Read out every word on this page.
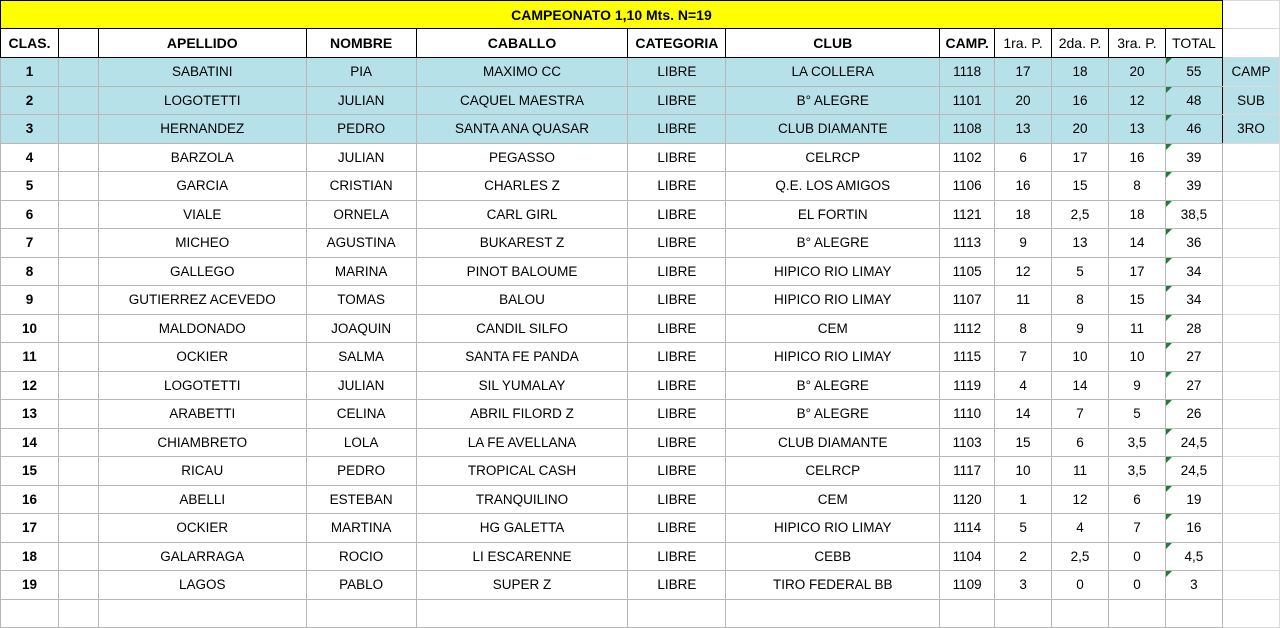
CAMPEONATO 1,10 Mts. N=19												
CLAS.		APELLIDO	NOMBRE	CABALLO	CATEGORIA	CLUB	CAMP.	1ra. P.	2da. P.	3ra. P.	TOTAL	
1		SABATINI	PIA	MAXIMO CC	LIBRE	LA COLLERA	1118	17	18	20	55	CAMP
2		LOGOTETTI	JULIAN	CAQUEL MAESTRA	LIBRE	B° ALEGRE	1101	20	16	12	48	SUB
3		HERNANDEZ	PEDRO	SANTA ANA QUASAR	LIBRE	CLUB DIAMANTE	1108	13	20	13	46	3RO
4		BARZOLA	JULIAN	PEGASSO	LIBRE	CELRCP	1102	6	17	16	39	
5		GARCIA	CRISTIAN	CHARLES Z	LIBRE	Q.E. LOS AMIGOS	1106	16	15	8	39	
6		VIALE	ORNELA	CARL GIRL	LIBRE	EL FORTIN	1121	18	2,5	18	38,5	
7		MICHEO	AGUSTINA	BUKAREST Z	LIBRE	B° ALEGRE	1113	9	13	14	36	
8		GALLEGO	MARINA	PINOT BALOUME	LIBRE	HIPICO RIO LIMAY	1105	12	5	17	34	
9		GUTIERREZ ACEVEDO	TOMAS	BALOU	LIBRE	HIPICO RIO LIMAY	1107	11	8	15	34	
10		MALDONADO	JOAQUIN	CANDIL SILFO	LIBRE	CEM	1112	8	9	11	28	
11		OCKIER	SALMA	SANTA FE PANDA	LIBRE	HIPICO RIO LIMAY	1115	7	10	10	27	
12		LOGOTETTI	JULIAN	SIL YUMALAY	LIBRE	B° ALEGRE	1119	4	14	9	27	
13		ARABETTI	CELINA	ABRIL FILORD Z	LIBRE	B° ALEGRE	1110	14	7	5	26	
14		CHIAMBRETO	LOLA	LA FE AVELLANA	LIBRE	CLUB DIAMANTE	1103	15	6	3,5	24,5	
15		RICAU	PEDRO	TROPICAL CASH	LIBRE	CELRCP	1117	10	11	3,5	24,5	
16		ABELLI	ESTEBAN	TRANQUILINO	LIBRE	CEM	1120	1	12	6	19	
17		OCKIER	MARTINA	HG GALETTA	LIBRE	HIPICO RIO LIMAY	1114	5	4	7	16	
18		GALARRAGA	ROCIO	LI ESCARENNE	LIBRE	CEBB	1104	2	2,5	0	4,5	
19		LAGOS	PABLO	SUPER Z	LIBRE	TIRO FEDERAL BB	1109	3	0	0	3	
